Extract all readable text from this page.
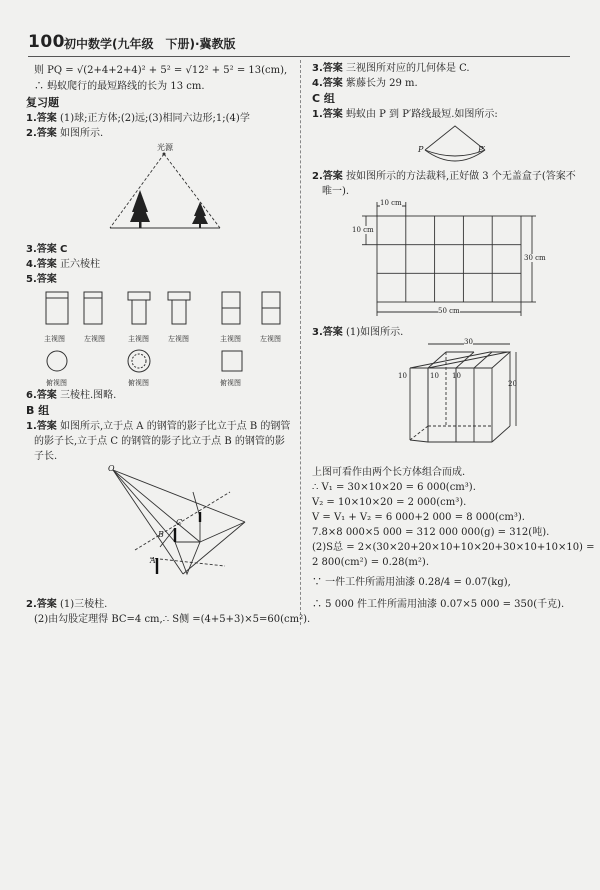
100 初中数学(九年级　下册)·冀教版
则 PQ = √(2+4+2+4)² + 5² = √12² + 5² = 13(cm),
∴ 蚂蚁爬行的最短路线的长为 13 cm.
复习题
1.答案 (1)球;正方体;(2)远;(3)相同六边形;1;(4)学
2.答案 如图所示.
光源
3.答案 C
4.答案 正六棱柱
5.答案
主视图	左视图	主视图	左视图	主视图	左视图
俯视图	俯视图	俯视图
6.答案 三棱柱.图略.
B 组
1.答案 如图所示,立于点 A 的钢管的影子比立于点 B 的钢管
的影子长,立于点 C 的钢管的影子比立于点 B 的钢管的影
子长.
O
B
C
A
2.答案 (1)三棱柱.
(2)由勾股定理得 BC=4 cm,∴ S侧 =(4+5+3)×5=60(cm²).
3.答案 三视图所对应的几何体是 C.
4.答案 紫藤长为 29 m.
C 组
1.答案 蚂蚁由 P 到 P′路线最短.如图所示:
P	P′
2.答案 按如图所示的方法裁料,正好做 3 个无盖盒子(答案不
唯一).
10 cm
10 cm
30 cm
50 cm
3.答案 (1)如图所示.
30
20
10	10 10
上图可看作由两个长方体组合而成.
∴ V₁ = 30×10×20 = 6 000(cm³).
V₂ = 10×10×20 = 2 000(cm³).
V = V₁ + V₂ = 6 000+2 000 = 8 000(cm³).
7.8×8 000×5 000 = 312 000 000(g) = 312(吨).
(2)S总 = 2×(30×20+20×10+10×20+30×10+10×10) =
2 800(cm²) = 0.28(m²).
∵ 一件工件所需用油漆 0.28/4 = 0.07(kg),
∴ 5 000 件工件所需用油漆 0.07×5 000 = 350(千克).
